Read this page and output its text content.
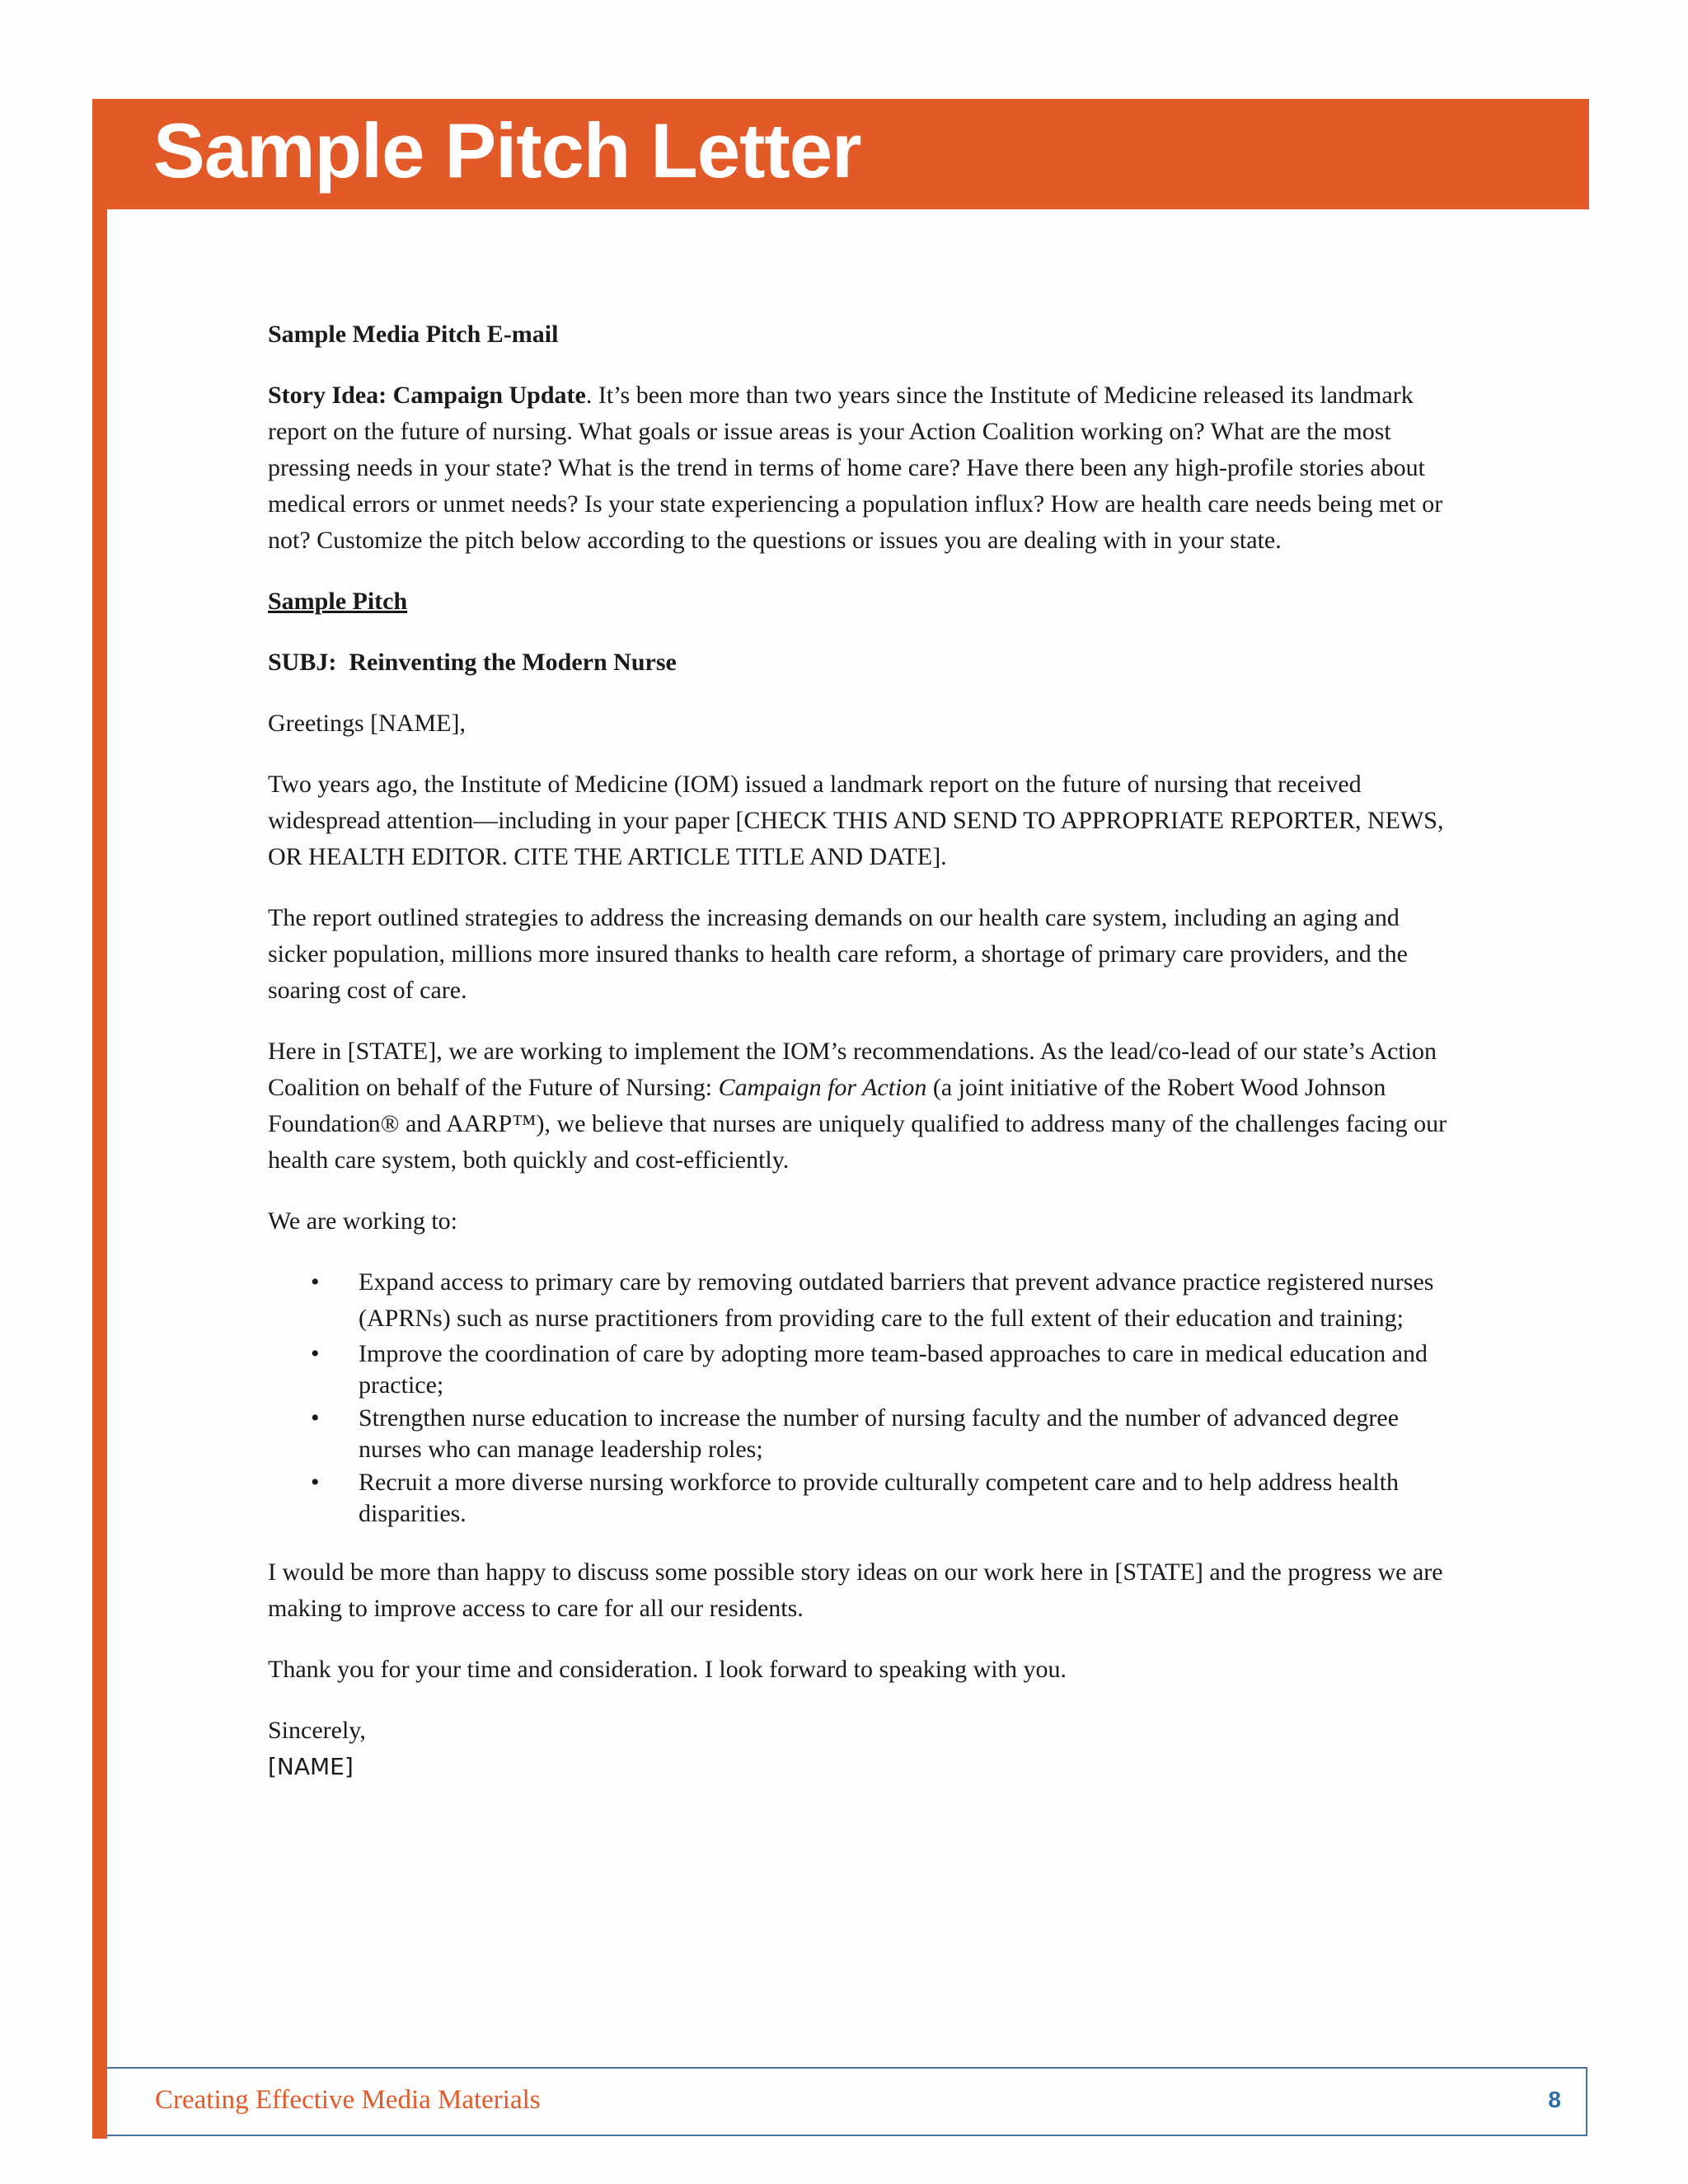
Sample Pitch Letter

Sample Media Pitch E-mail

Story Idea: Campaign Update. It’s been more than two years since the Institute of Medicine released its landmark report on the future of nursing. What goals or issue areas is your Action Coalition working on? What are the most pressing needs in your state? What is the trend in terms of home care? Have there been any high-profile stories about medical errors or unmet needs? Is your state experiencing a population influx? How are health care needs being met or not? Customize the pitch below according to the questions or issues you are dealing with in your state.

Sample Pitch

SUBJ:  Reinventing the Modern Nurse

Greetings [NAME],

Two years ago, the Institute of Medicine (IOM) issued a landmark report on the future of nursing that received widespread attention—including in your paper [CHECK THIS AND SEND TO APPROPRIATE REPORTER, NEWS, OR HEALTH EDITOR. CITE THE ARTICLE TITLE AND DATE].

The report outlined strategies to address the increasing demands on our health care system, including an aging and sicker population, millions more insured thanks to health care reform, a shortage of primary care providers, and the soaring cost of care.

Here in [STATE], we are working to implement the IOM’s recommendations. As the lead/co-lead of our state’s Action Coalition on behalf of the Future of Nursing: Campaign for Action (a joint initiative of the Robert Wood Johnson Foundation® and AARP™), we believe that nurses are uniquely qualified to address many of the challenges facing our health care system, both quickly and cost-efficiently.

We are working to:

• Expand access to primary care by removing outdated barriers that prevent advance practice registered nurses (APRNs) such as nurse practitioners from providing care to the full extent of their education and training;
• Improve the coordination of care by adopting more team-based approaches to care in medical education and practice;
• Strengthen nurse education to increase the number of nursing faculty and the number of advanced degree nurses who can manage leadership roles;
• Recruit a more diverse nursing workforce to provide culturally competent care and to help address health disparities.

I would be more than happy to discuss some possible story ideas on our work here in [STATE] and the progress we are making to improve access to care for all our residents.

Thank you for your time and consideration. I look forward to speaking with you.

Sincerely,
[NAME]
Creating Effective Media Materials	8
